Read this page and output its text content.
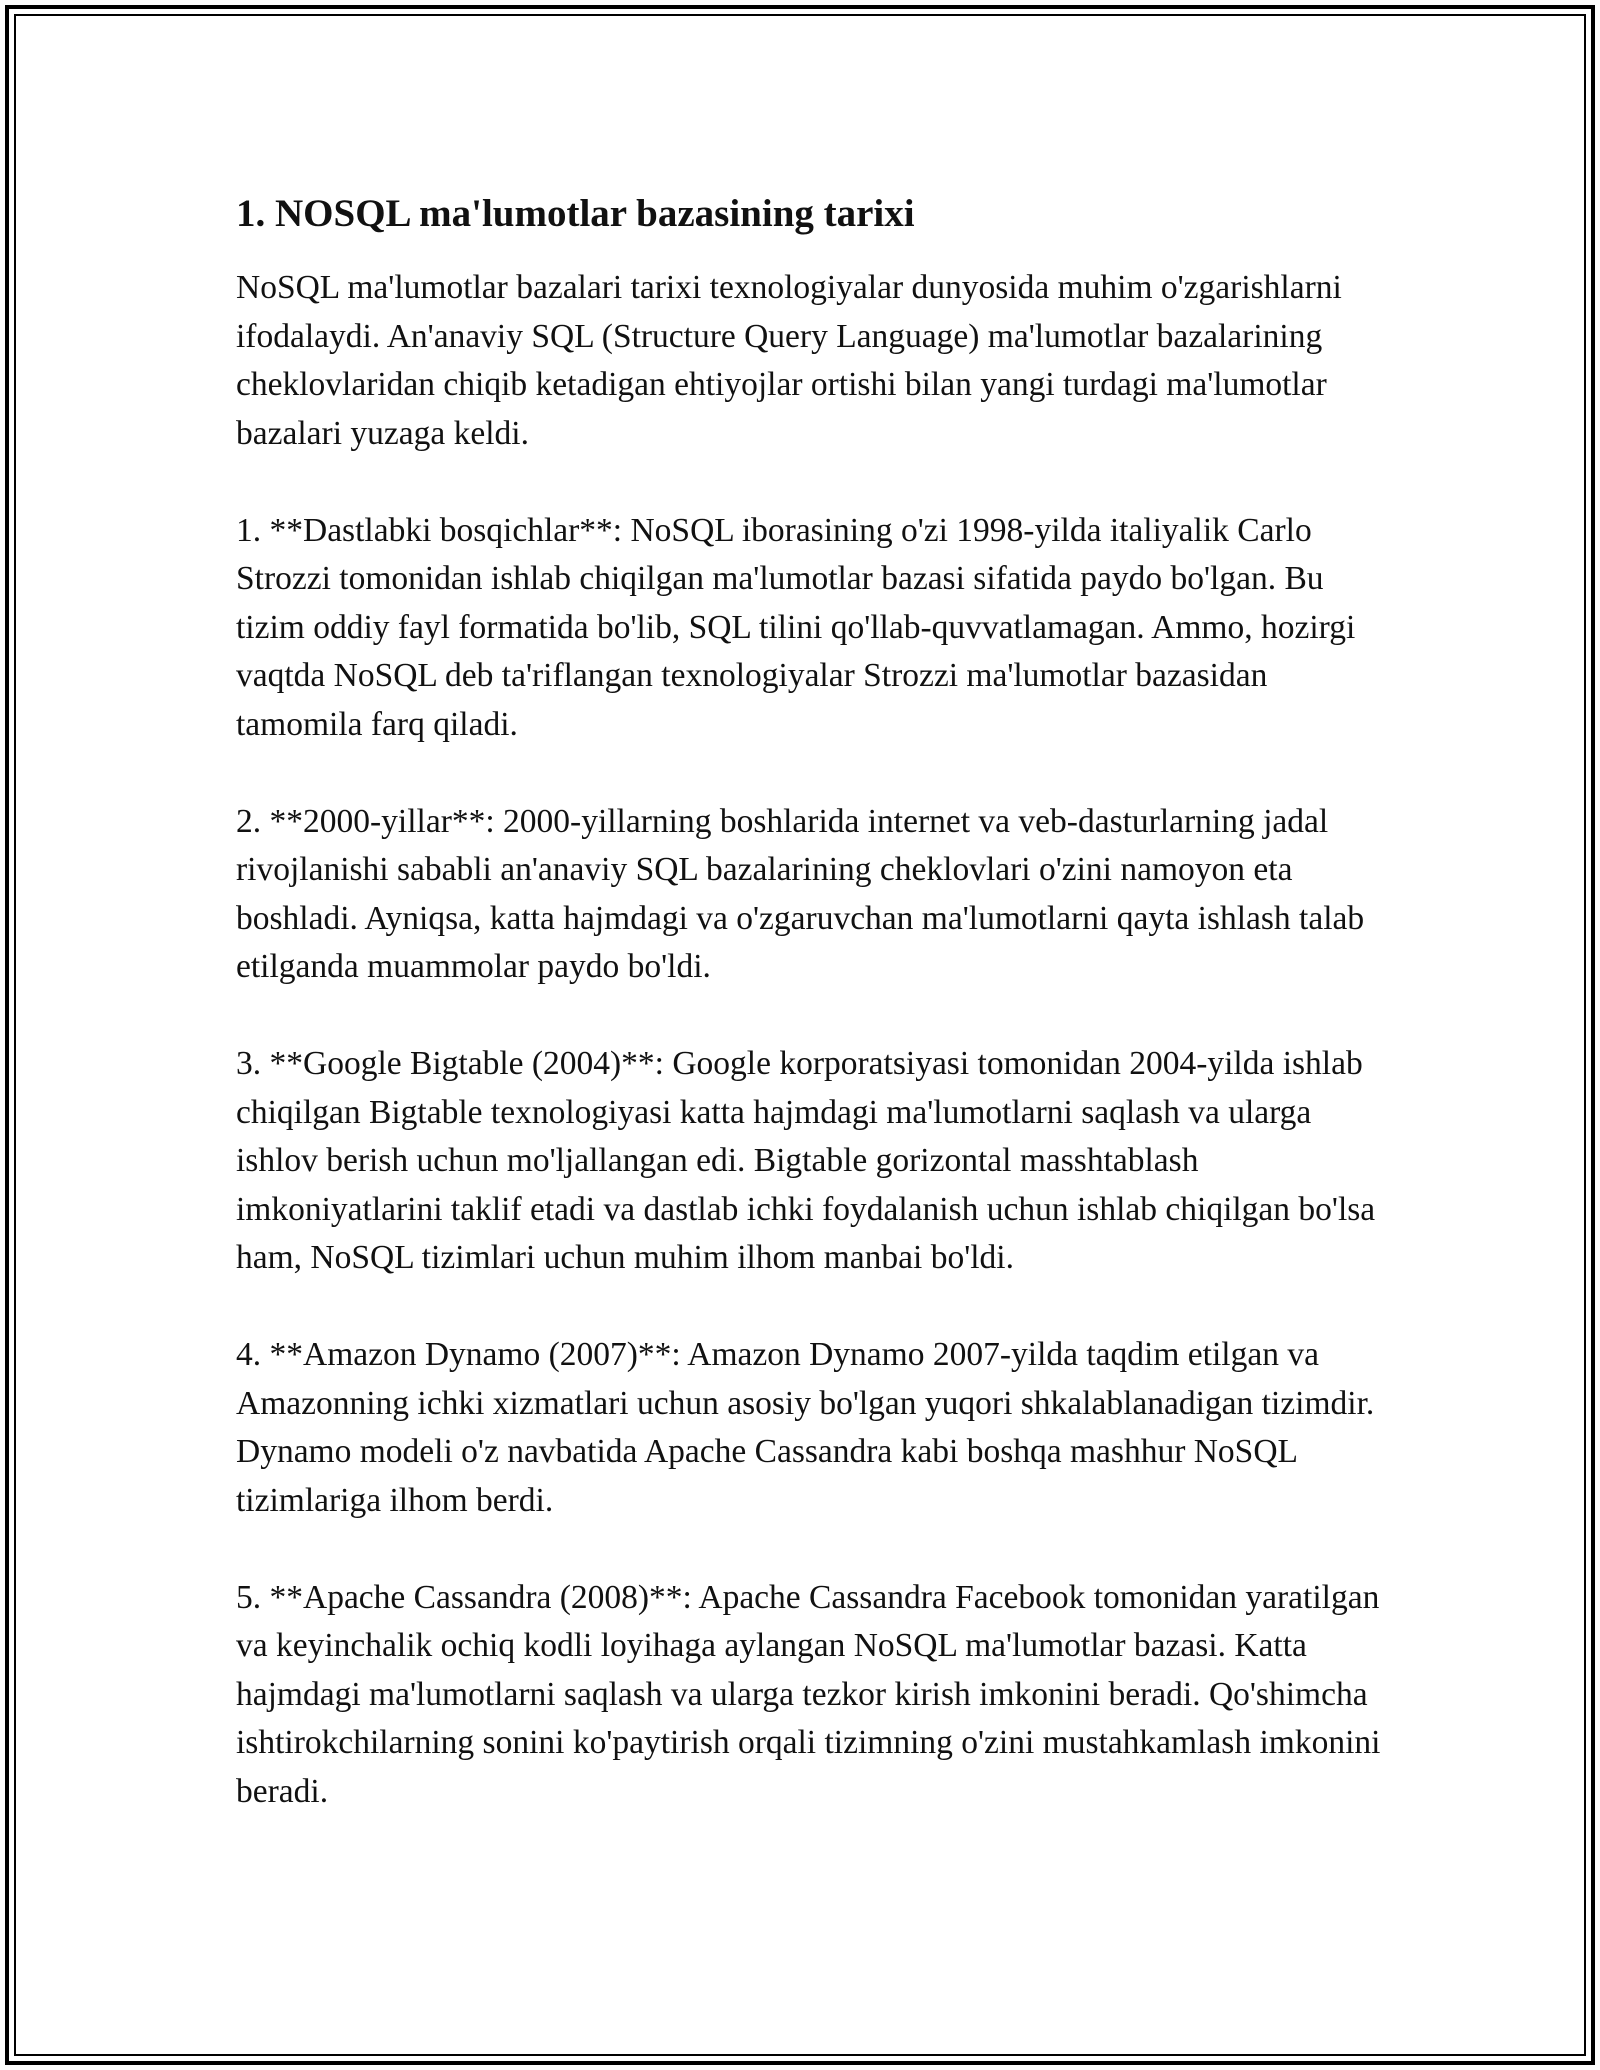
1. NOSQL ma'lumotlar bazasining tarixi

NoSQL ma'lumotlar bazalari tarixi texnologiyalar dunyosida muhim o'zgarishlarni ifodalaydi. An'anaviy SQL (Structure Query Language) ma'lumotlar bazalarining cheklovlaridan chiqib ketadigan ehtiyojlar ortishi bilan yangi turdagi ma'lumotlar bazalari yuzaga keldi.

1. **Dastlabki bosqichlar**: NoSQL iborasining o'zi 1998-yilda italiyalik Carlo Strozzi tomonidan ishlab chiqilgan ma'lumotlar bazasi sifatida paydo bo'lgan. Bu tizim oddiy fayl formatida bo'lib, SQL tilini qo'llab-quvvatlamagan. Ammo, hozirgi vaqtda NoSQL deb ta'riflangan texnologiyalar Strozzi ma'lumotlar bazasidan tamomila farq qiladi.

2. **2000-yillar**: 2000-yillarning boshlarida internet va veb-dasturlarning jadal rivojlanishi sababli an'anaviy SQL bazalarining cheklovlari o'zini namoyon eta boshladi. Ayniqsa, katta hajmdagi va o'zgaruvchan ma'lumotlarni qayta ishlash talab etilganda muammolar paydo bo'ldi.

3. **Google Bigtable (2004)**: Google korporatsiyasi tomonidan 2004-yilda ishlab chiqilgan Bigtable texnologiyasi katta hajmdagi ma'lumotlarni saqlash va ularga ishlov berish uchun mo'ljallangan edi. Bigtable gorizontal masshtablash imkoniyatlarini taklif etadi va dastlab ichki foydalanish uchun ishlab chiqilgan bo'lsa ham, NoSQL tizimlari uchun muhim ilhom manbai bo'ldi.

4. **Amazon Dynamo (2007)**: Amazon Dynamo 2007-yilda taqdim etilgan va Amazonning ichki xizmatlari uchun asosiy bo'lgan yuqori shkalablanadigan tizimdir. Dynamo modeli o'z navbatida Apache Cassandra kabi boshqa mashhur NoSQL tizimlariga ilhom berdi.

5. **Apache Cassandra (2008)**: Apache Cassandra Facebook tomonidan yaratilgan va keyinchalik ochiq kodli loyihaga aylangan NoSQL ma'lumotlar bazasi. Katta hajmdagi ma'lumotlarni saqlash va ularga tezkor kirish imkonini beradi. Qo'shimcha ishtirokchilarning sonini ko'paytirish orqali tizimning o'zini mustahkamlash imkonini beradi.
